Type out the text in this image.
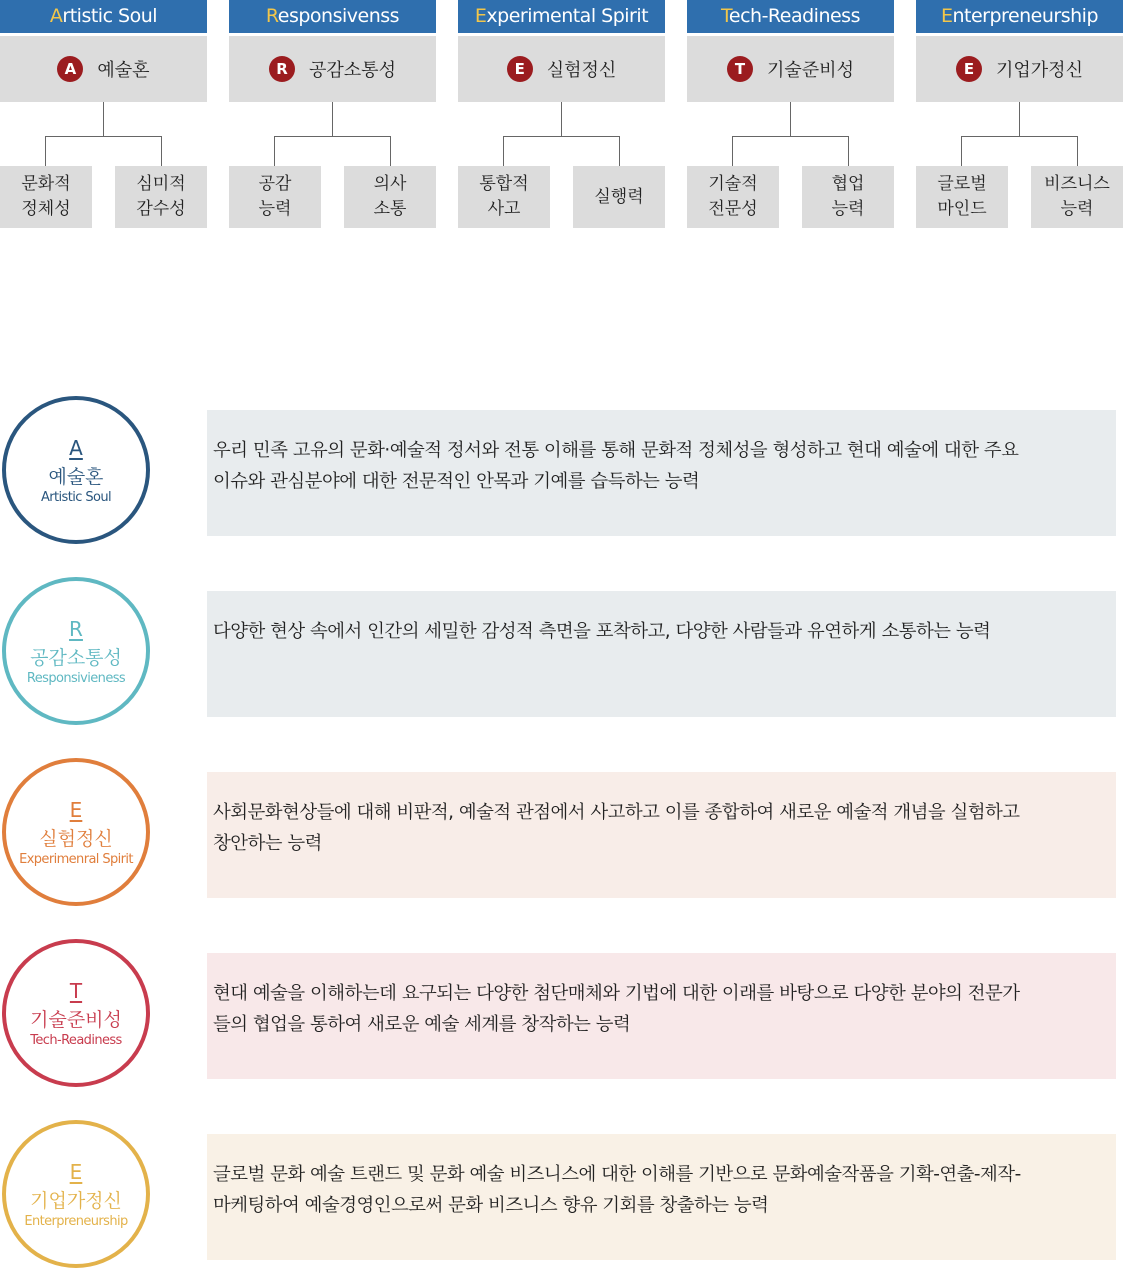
Artistic Soul
A	예술혼
문화적
정체성
심미적
감수성
Responsivenss
R	공감소통성
공감
능력
의사
소통
Experimental Spirit
E	실험정신
통합적
사고
실행력
Tech-Readiness
T	기술준비성
기술적
전문성
협업
능력
Enterpreneurship
E	기업가정신
글로벌
마인드
비즈니스
능력
A
예술혼
Artistic Soul
우리 민족 고유의 문화·예술적 정서와 전통 이해를 통해 문화적 정체성을 형성하고 현대 예술에 대한 주요
이슈와 관심분야에 대한 전문적인 안목과 기예를 습득하는 능력
R
공감소통성
Responsivieness
다양한 현상 속에서 인간의 세밀한 감성적 측면을 포착하고, 다양한 사람들과 유연하게 소통하는 능력
E
실험정신
Experimenral Spirit
사회문화현상들에 대해 비판적, 예술적 관점에서 사고하고 이를 종합하여 새로운 예술적 개념을 실험하고
창안하는 능력
T
기술준비성
Tech-Readiness
현대 예술을 이해하는데 요구되는 다양한 첨단매체와 기법에 대한 이래를 바탕으로 다양한 분야의 전문가
들의 협업을 통하여 새로운 예술 세계를 창작하는 능력
E
기업가정신
Enterpreneurship
글로벌 문화 예술 트랜드 및 문화 예술 비즈니스에 대한 이해를 기반으로 문화예술작품을 기확-연출-제작-
마케팅하여 예술경영인으로써 문화 비즈니스 향유 기회를 창출하는 능력
